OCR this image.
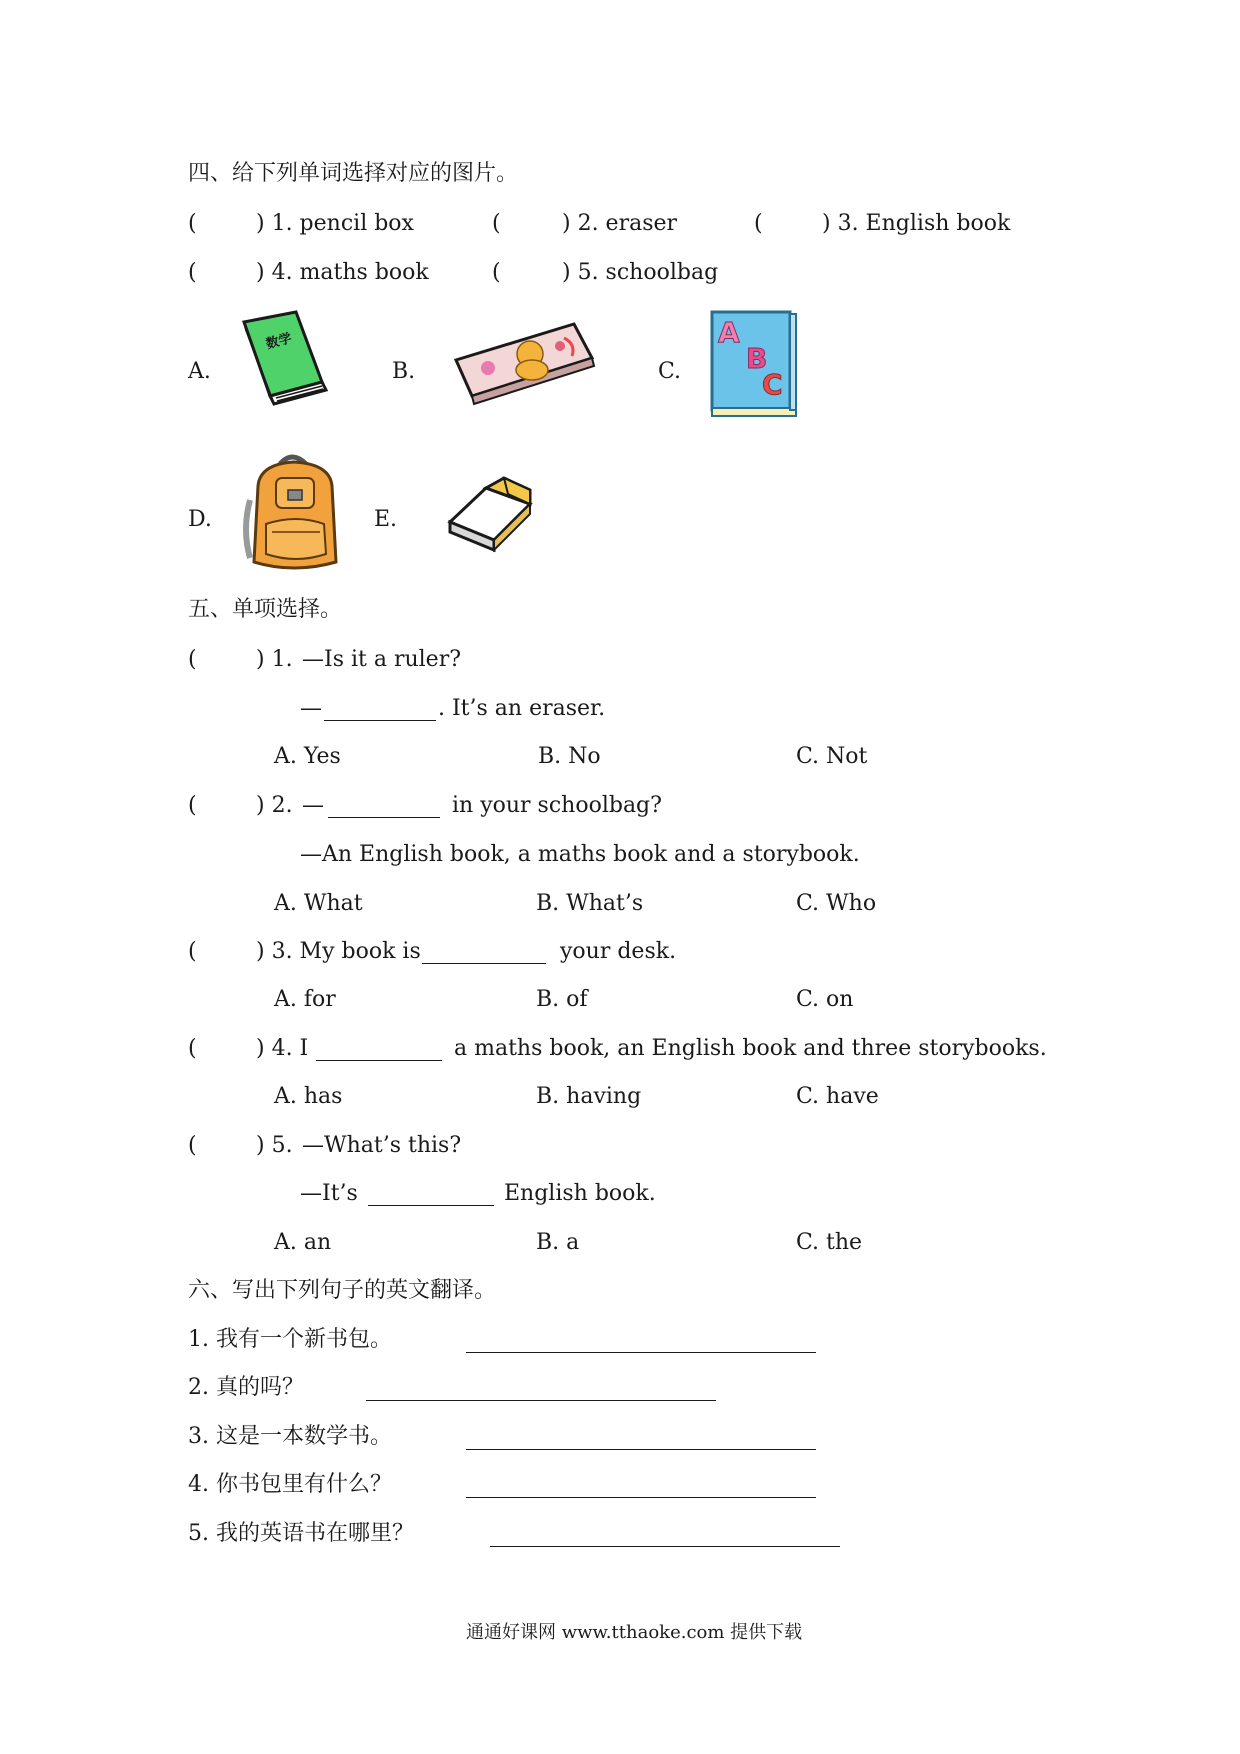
四、给下列单词选择对应的图片。
(	) 1. pencil box	(	) 2. eraser	(	) 3. English book
(	) 4. maths book	(	) 5. schoolbag
A.
数学
B.	C.
A
B
C
D.	E.
五、单项选择。
(	) 1. —Is it a ruler?
—	. It’s an eraser.
A. Yes	B. No	C. Not
(	) 2. —	in your schoolbag?
—An English book, a maths book and a storybook.
A. What	B. What’s	C. Who
(	) 3. My book is	your desk.
A. for	B. of	C. on
(	) 4. I	a maths book, an English book and three storybooks.
A. has	B. having	C. have
(	) 5. —What’s this?
—It’s	English book.
A. an	B. a	C. the
六、写出下列句子的英文翻译。
1. 我有一个新书包。
2. 真的吗？
3. 这是一本数学书。
4. 你书包里有什么？
5. 我的英语书在哪里？
通通好课网 www.tthaoke.com 提供下载
